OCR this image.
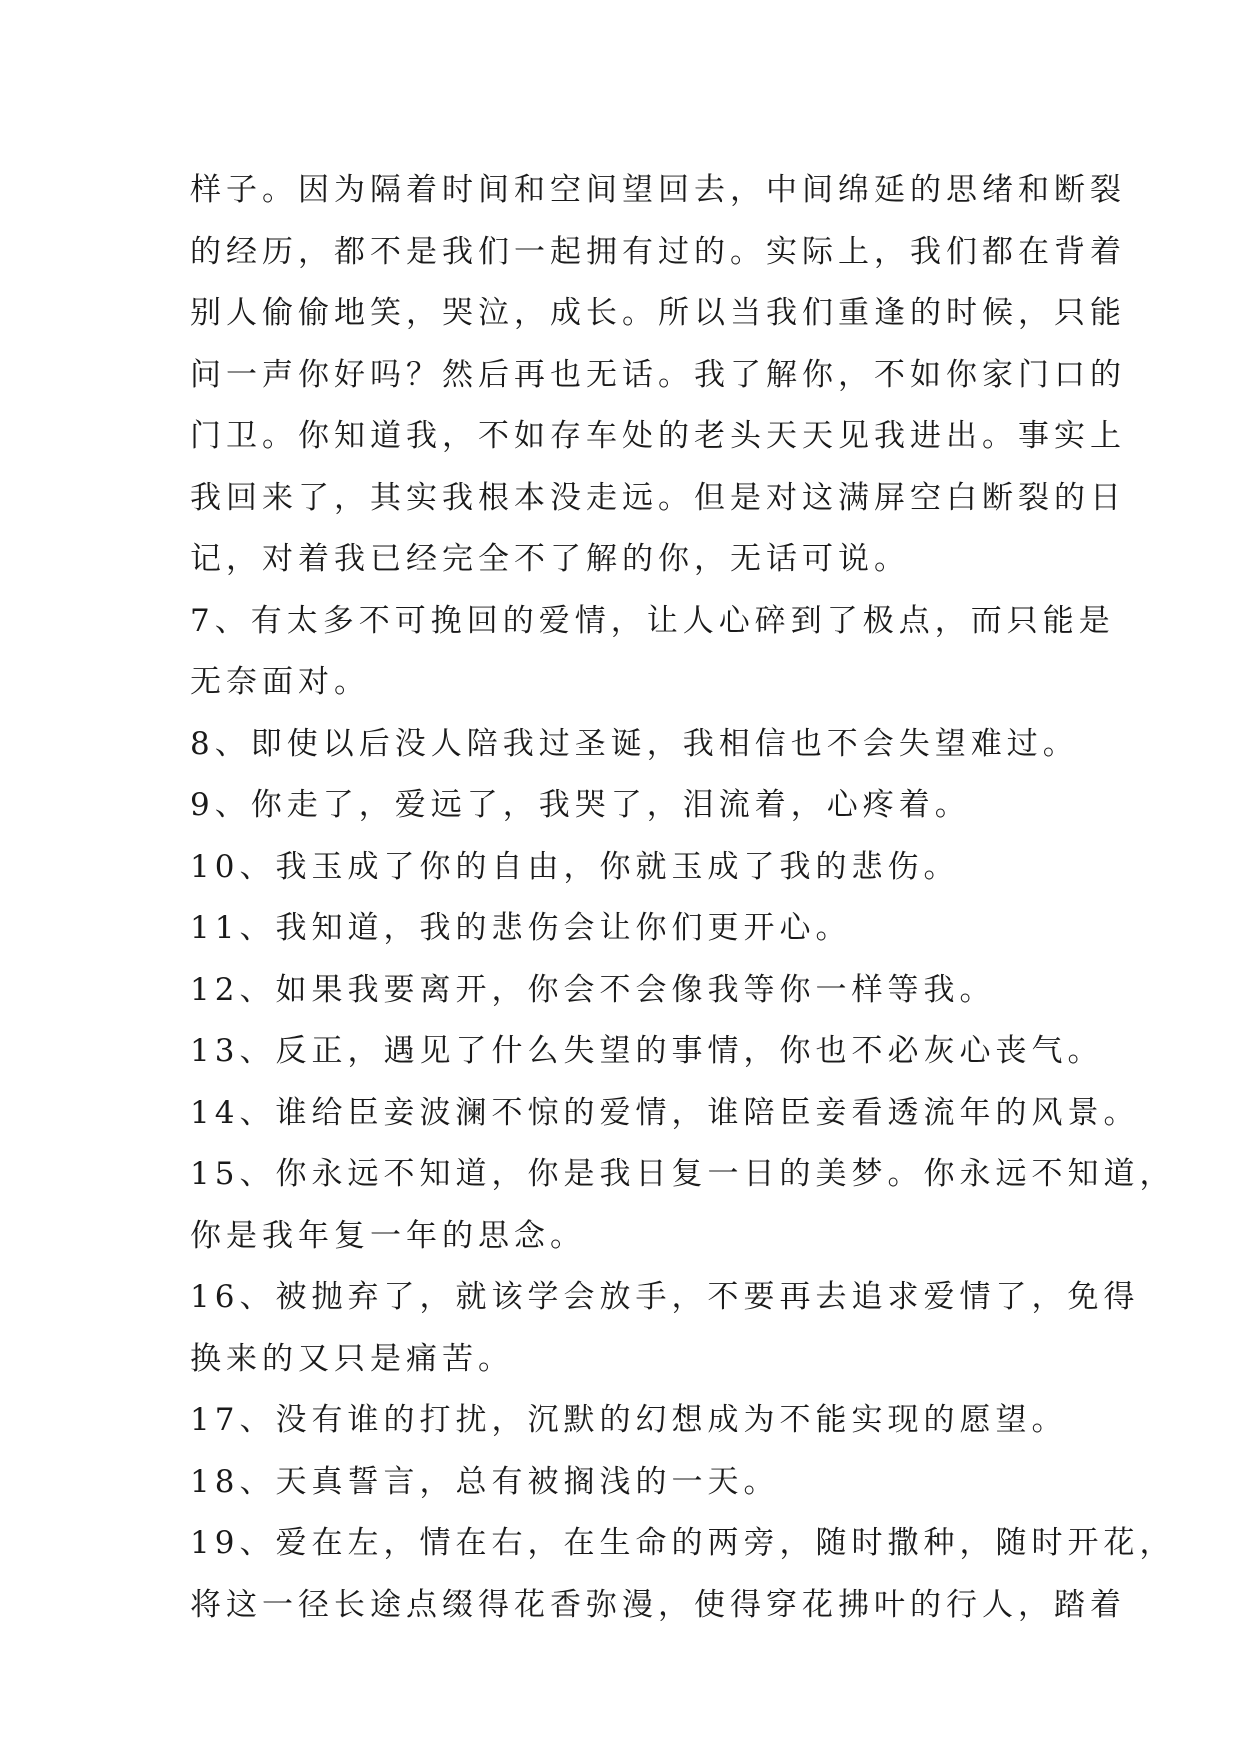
样子。因为隔着时间和空间望回去，中间绵延的思绪和断裂
的经历，都不是我们一起拥有过的。实际上，我们都在背着
别人偷偷地笑，哭泣，成长。所以当我们重逢的时候，只能
问一声你好吗？然后再也无话。我了解你，不如你家门口的
门卫。你知道我，不如存车处的老头天天见我进出。事实上
我回来了，其实我根本没走远。但是对这满屏空白断裂的日
记，对着我已经完全不了解的你，无话可说。
7、有太多不可挽回的爱情，让人心碎到了极点，而只能是
无奈面对。
8、即使以后没人陪我过圣诞，我相信也不会失望难过。
9、你走了，爱远了，我哭了，泪流着，心疼着。
10、我玉成了你的自由，你就玉成了我的悲伤。
11、我知道，我的悲伤会让你们更开心。
12、如果我要离开，你会不会像我等你一样等我。
13、反正，遇见了什么失望的事情，你也不必灰心丧气。
14、谁给臣妾波澜不惊的爱情，谁陪臣妾看透流年的风景。
15、你永远不知道，你是我日复一日的美梦。你永远不知道，
你是我年复一年的思念。
16、被抛弃了，就该学会放手，不要再去追求爱情了，免得
换来的又只是痛苦。
17、没有谁的打扰，沉默的幻想成为不能实现的愿望。
18、天真誓言，总有被搁浅的一天。
19、爱在左，情在右，在生命的两旁，随时撒种，随时开花，
将这一径长途点缀得花香弥漫，使得穿花拂叶的行人，踏着
